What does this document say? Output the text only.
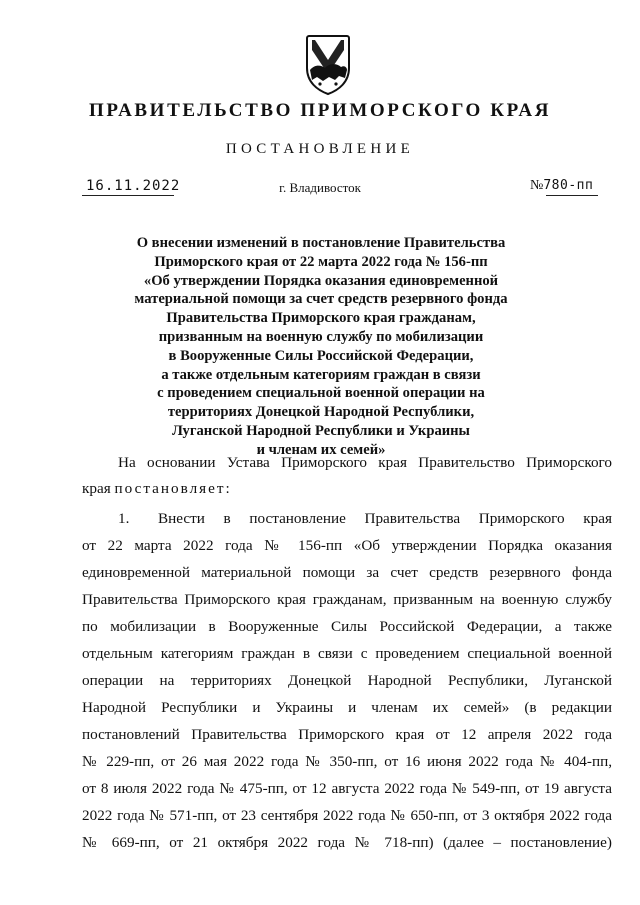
ПРАВИТЕЛЬСТВО ПРИМОРСКОГО КРАЯ
ПОСТАНОВЛЕНИЕ
16.11.2022	г. Владивосток	№780-пп
О внесении изменений в постановление Правительства
Приморского края от 22 марта 2022 года № 156-пп
«Об утверждении Порядка оказания единовременной
материальной помощи за счет средств резервного фонда
Правительства Приморского края гражданам,
призванным на военную службу по мобилизации
в Вооруженные Силы Российской Федерации,
а также отдельным категориям граждан в связи
с проведением специальной военной операции на
территориях Донецкой Народной Республики,
Луганской Народной Республики и Украины
и членам их семей»
На основании Устава Приморского края Правительство Приморского
края постановляет:
1.	Внести в постановление Правительства Приморского края
от 22 марта 2022 года № 156-пп «Об утверждении Порядка оказания
единовременной материальной помощи за счет средств резервного фонда
Правительства Приморского края гражданам, призванным на военную службу
по мобилизации в Вооруженные Силы Российской Федерации, а также
отдельным категориям граждан в связи с проведением специальной военной
операции на территориях Донецкой Народной Республики, Луганской
Народной Республики и Украины и членам их семей» (в редакции
постановлений Правительства Приморского края от 12 апреля 2022 года
№ 229-пп, от 26 мая 2022 года № 350-пп, от 16 июня 2022 года № 404-пп,
от 8 июля 2022 года № 475-пп, от 12 августа 2022 года № 549-пп, от 19 августа
2022 года № 571-пп, от 23 сентября 2022 года № 650-пп, от 3 октября 2022 года
№ 669-пп, от 21 октября 2022 года № 718-пп) (далее – постановление)
